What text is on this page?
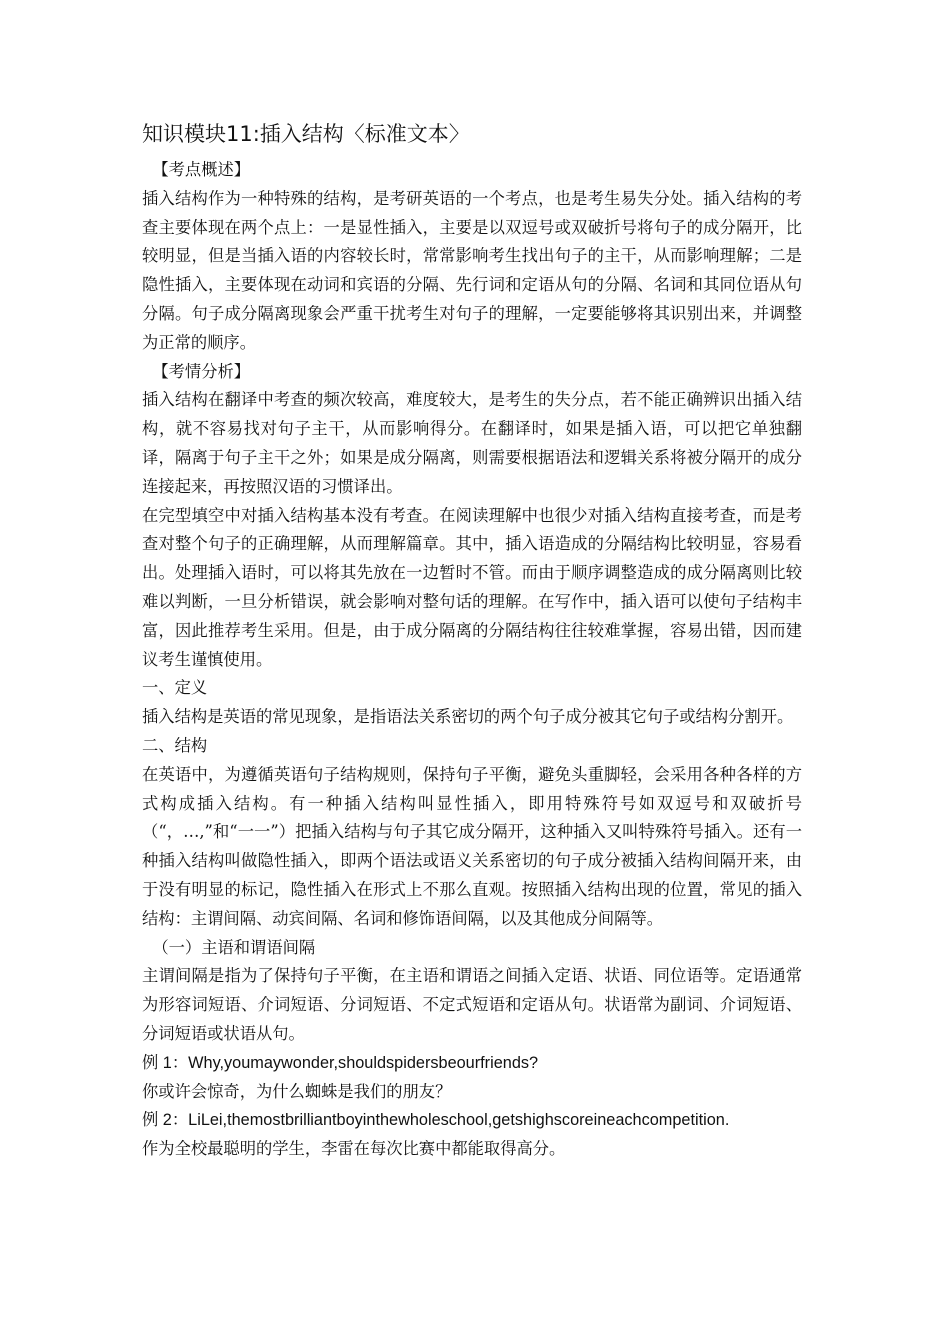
知识模块11:插入结构〈标准文本〉

【考点概述】

插入结构作为一种特殊的结构，是考研英语的一个考点，也是考生易失分处。插入结构的考查主要体现在两个点上：一是显性插入，主要是以双逗号或双破折号将句子的成分隔开，比较明显，但是当插入语的内容较长时，常常影响考生找出句子的主干，从而影响理解；二是隐性插入，主要体现在动词和宾语的分隔、先行词和定语从句的分隔、名词和其同位语从句分隔。句子成分隔离现象会严重干扰考生对句子的理解，一定要能够将其识别出来，并调整为正常的顺序。

【考情分析】

插入结构在翻译中考查的频次较高，难度较大，是考生的失分点，若不能正确辨识出插入结构，就不容易找对句子主干，从而影响得分。在翻译时，如果是插入语，可以把它单独翻译，隔离于句子主干之外；如果是成分隔离，则需要根据语法和逻辑关系将被分隔开的成分连接起来，再按照汉语的习惯译出。

在完型填空中对插入结构基本没有考查。在阅读理解中也很少对插入结构直接考查，而是考查对整个句子的正确理解，从而理解篇章。其中，插入语造成的分隔结构比较明显，容易看出。处理插入语时，可以将其先放在一边暂时不管。而由于顺序调整造成的成分隔离则比较难以判断，一旦分析错误，就会影响对整句话的理解。在写作中，插入语可以使句子结构丰富，因此推荐考生采用。但是，由于成分隔离的分隔结构往往较难掌握，容易出错，因而建议考生谨慎使用。

一、定义

插入结构是英语的常见现象，是指语法关系密切的两个句子成分被其它句子或结构分割开。

二、结构

在英语中，为遵循英语句子结构规则，保持句子平衡，避免头重脚轻，会采用各种各样的方式构成插入结构。有一种插入结构叫显性插入，即用特殊符号如双逗号和双破折号（“，…,”和“一一”）把插入结构与句子其它成分隔开，这种插入又叫特殊符号插入。还有一种插入结构叫做隐性插入，即两个语法或语义关系密切的句子成分被插入结构间隔开来，由于没有明显的标记，隐性插入在形式上不那么直观。按照插入结构出现的位置，常见的插入结构：主谓间隔、动宾间隔、名词和修饰语间隔，以及其他成分间隔等。

（一）主语和谓语间隔

主谓间隔是指为了保持句子平衡，在主语和谓语之间插入定语、状语、同位语等。定语通常为形容词短语、介词短语、分词短语、不定式短语和定语从句。状语常为副词、介词短语、分词短语或状语从句。

例 1：Why,youmaywonder,shouldspidersbeourfriends?

你或许会惊奇，为什么蜘蛛是我们的朋友？

例 2：LiLei,themostbrilliantboyinthewholeschool,getshighscoreineachcompetition.

作为全校最聪明的学生，李雷在每次比赛中都能取得高分。
